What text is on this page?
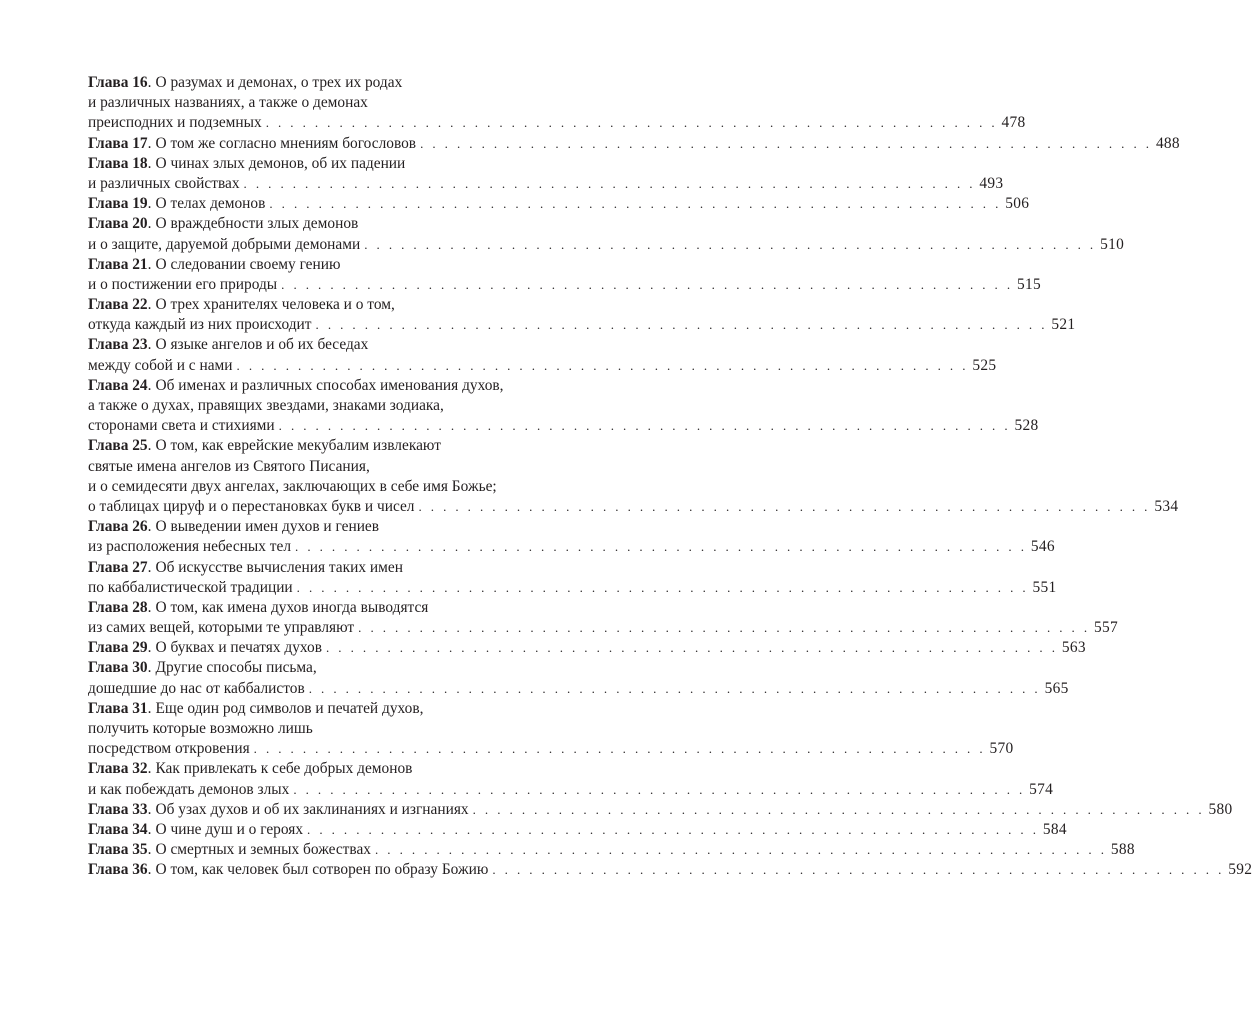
Глава 16 . О разумах и демонах, о трех их родах
и различных названиях, а также о демонах
преисподних и подземных . . . . . . . . . . . . . . . . . . . . . . . . . . . . . . . . . . . . . . . . . . . . . . . . . . . . . . . . . . . . 478
Глава 17 . О том же согласно мнениям богословов . . . . . . . . . . . . . . . . . . . . . . . . . . . . . . . . . . . . . . . . . . . . . . . . . . . . . . . . . . . . 488
Глава 18 . О чинах злых демонов, об их падении
и различных свойствах . . . . . . . . . . . . . . . . . . . . . . . . . . . . . . . . . . . . . . . . . . . . . . . . . . . . . . . . . . . . 493
Глава 19 . О телах демонов . . . . . . . . . . . . . . . . . . . . . . . . . . . . . . . . . . . . . . . . . . . . . . . . . . . . . . . . . . . . 506
Глава 20 . О враждебности злых демонов
и о защите, даруемой добрыми демонами . . . . . . . . . . . . . . . . . . . . . . . . . . . . . . . . . . . . . . . . . . . . . . . . . . . . . . . . . . . . 510
Глава 21 . О следовании своему гению
и о постижении его природы . . . . . . . . . . . . . . . . . . . . . . . . . . . . . . . . . . . . . . . . . . . . . . . . . . . . . . . . . . . . 515
Глава 22 . О трех хранителях человека и о том,
откуда каждый из них происходит . . . . . . . . . . . . . . . . . . . . . . . . . . . . . . . . . . . . . . . . . . . . . . . . . . . . . . . . . . . . 521
Глава 23 . О языке ангелов и об их беседах
между собой и с нами . . . . . . . . . . . . . . . . . . . . . . . . . . . . . . . . . . . . . . . . . . . . . . . . . . . . . . . . . . . . 525
Глава 24 . Об именах и различных способах именования духов,
а также о духах, правящих звездами, знаками зодиака,
сторонами света и стихиями . . . . . . . . . . . . . . . . . . . . . . . . . . . . . . . . . . . . . . . . . . . . . . . . . . . . . . . . . . . . 528
Глава 25 . О том, как еврейские мекубалим извлекают
святые имена ангелов из Святого Писания,
и о семидесяти двух ангелах, заключающих в себе имя Божье;
о таблицах цируф и о перестановках букв и чисел . . . . . . . . . . . . . . . . . . . . . . . . . . . . . . . . . . . . . . . . . . . . . . . . . . . . . . . . . . . . 534
Глава 26 . О выведении имен духов и гениев
из расположения небесных тел . . . . . . . . . . . . . . . . . . . . . . . . . . . . . . . . . . . . . . . . . . . . . . . . . . . . . . . . . . . . 546
Глава 27 . Об искусстве вычисления таких имен
по каббалистической традиции . . . . . . . . . . . . . . . . . . . . . . . . . . . . . . . . . . . . . . . . . . . . . . . . . . . . . . . . . . . . 551
Глава 28 . О том, как имена духов иногда выводятся
из самих вещей, которыми те управляют . . . . . . . . . . . . . . . . . . . . . . . . . . . . . . . . . . . . . . . . . . . . . . . . . . . . . . . . . . . . 557
Глава 29 . О буквах и печатях духов . . . . . . . . . . . . . . . . . . . . . . . . . . . . . . . . . . . . . . . . . . . . . . . . . . . . . . . . . . . . 563
Глава 30 . Другие способы письма,
дошедшие до нас от каббалистов . . . . . . . . . . . . . . . . . . . . . . . . . . . . . . . . . . . . . . . . . . . . . . . . . . . . . . . . . . . . 565
Глава 31 . Еще один род символов и печатей духов,
получить которые возможно лишь
посредством откровения . . . . . . . . . . . . . . . . . . . . . . . . . . . . . . . . . . . . . . . . . . . . . . . . . . . . . . . . . . . . 570
Глава 32 . Как привлекать к себе добрых демонов
и как побеждать демонов злых . . . . . . . . . . . . . . . . . . . . . . . . . . . . . . . . . . . . . . . . . . . . . . . . . . . . . . . . . . . . 574
Глава 33 . Об узах духов и об их заклинаниях и изгнаниях . . . . . . . . . . . . . . . . . . . . . . . . . . . . . . . . . . . . . . . . . . . . . . . . . . . . . . . . . . . . 580
Глава 34 . О чине душ и о героях . . . . . . . . . . . . . . . . . . . . . . . . . . . . . . . . . . . . . . . . . . . . . . . . . . . . . . . . . . . . 584
Глава 35 . О смертных и земных божествах . . . . . . . . . . . . . . . . . . . . . . . . . . . . . . . . . . . . . . . . . . . . . . . . . . . . . . . . . . . . 588
Глава 36 . О том, как человек был сотворен по образу Божию . . . . . . . . . . . . . . . . . . . . . . . . . . . . . . . . . . . . . . . . . . . . . . . . . . . . . . . . . . . . 592
